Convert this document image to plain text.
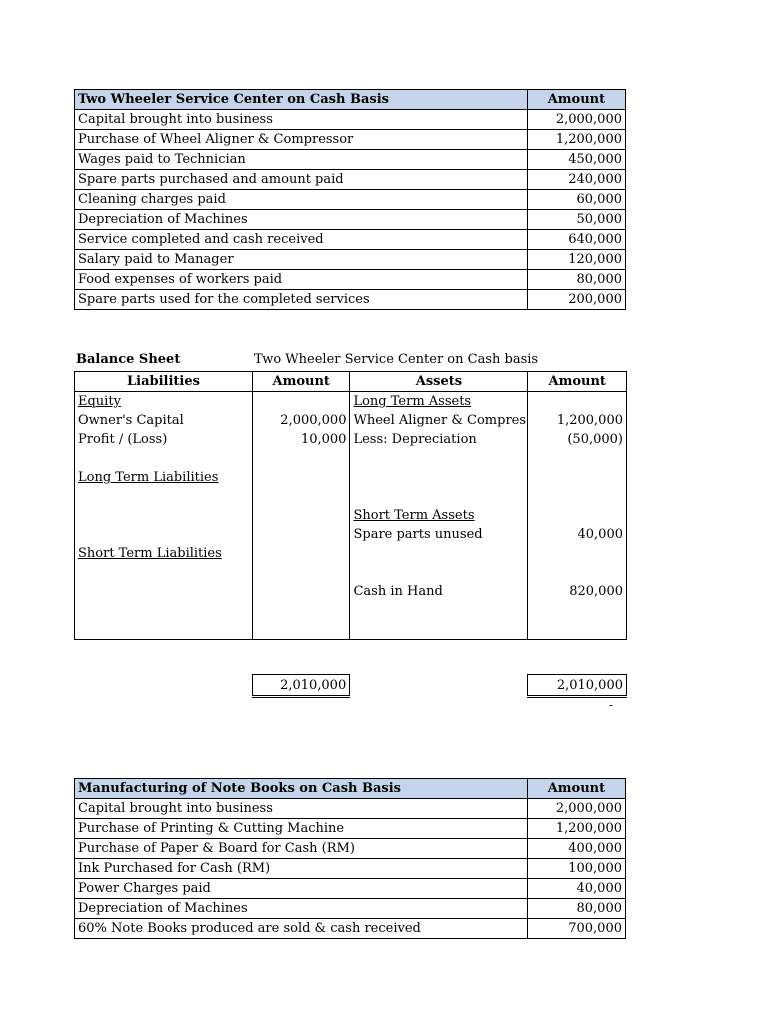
Two Wheeler Service Center on Cash Basis	Amount
Capital brought into business	2,000,000
Purchase of Wheel Aligner & Compressor	1,200,000
Wages paid to Technician	450,000
Spare parts purchased and amount paid	240,000
Cleaning charges paid	60,000
Depreciation of Machines	50,000
Service completed and cash received	640,000
Salary paid to Manager	120,000
Food expenses of workers paid	80,000
Spare parts used for the completed services	200,000
Balance Sheet	Two Wheeler Service Center on Cash basis
Liabilities	Amount	Assets	Amount
Equity		Long Term Assets	
Owner's Capital	2,000,000	Wheel Aligner & Compres	1,200,000
Profit / (Loss)	10,000	Less: Depreciation	(50,000)

Long Term Liabilities			

		Short Term Assets	
		Spare parts unused	40,000
Short Term Liabilities			

		Cash in Hand	820,000

	2,010,000		2,010,000
-
Manufacturing of Note Books on Cash Basis	Amount
Capital brought into business	2,000,000
Purchase of Printing & Cutting Machine	1,200,000
Purchase of Paper & Board for Cash (RM)	400,000
Ink Purchased for Cash (RM)	100,000
Power Charges paid	40,000
Depreciation of Machines	80,000
60% Note Books produced are sold & cash received	700,000
